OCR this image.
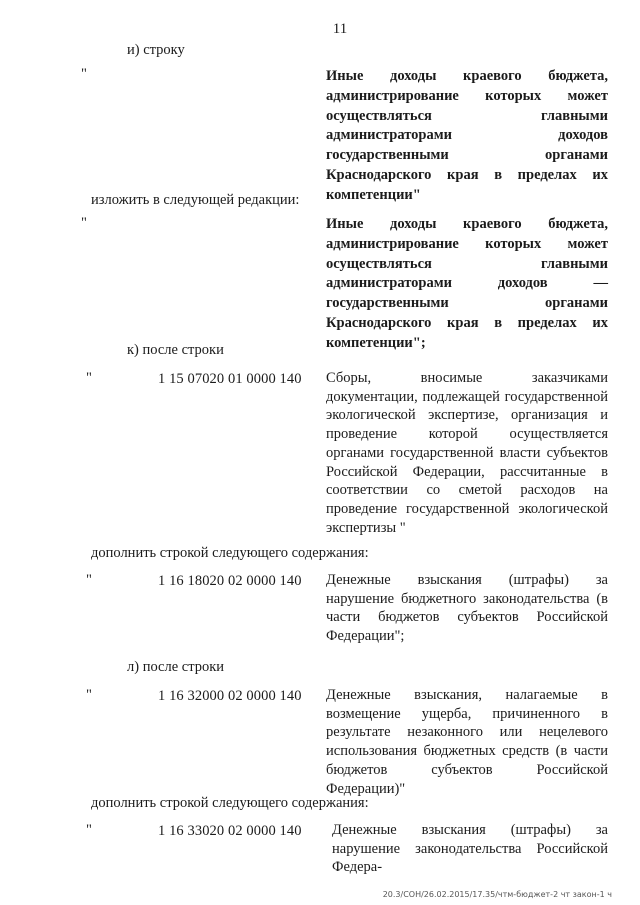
11
и) строку
"	Иные доходы краевого бюджета, администрирование которых может осуществляться главными администраторами доходов государственными органами Краснодарского края в пределах их компетенции"
изложить в следующей редакции:
"	Иные доходы краевого бюджета, администрирование которых может осуществляться главными администраторами доходов — государственными органами Краснодарского края в пределах их компетенции";
к) после строки
"	1 15 07020 01 0000 140 Сборы, вносимые заказчиками документации, подлежащей государственной экологической экспертизе, организация и проведение которой осуществляется органами государственной власти субъектов Российской Федерации, рассчитанные в соответствии со сметой расходов на проведение государственной экологической экспертизы "
дополнить строкой следующего содержания:
"	1 16 18020 02 0000 140 Денежные взыскания (штрафы) за нарушение бюджетного законодательства (в части бюджетов субъектов Российской Федерации";
л) после строки
"	1 16 32000 02 0000 140 Денежные взыскания, налагаемые в возмещение ущерба, причиненного в результате незаконного или нецелевого использования бюджетных средств (в части бюджетов субъектов Российской Федерации)"
дополнить строкой следующего содержания:
"	1 16 33020 02 0000 140 Денежные взыскания (штрафы) за нарушение законодательства Российской Федера-
20.3/СОН/26.02.2015/17.35/чтм-бюджет-2 чт закон-1 ч
